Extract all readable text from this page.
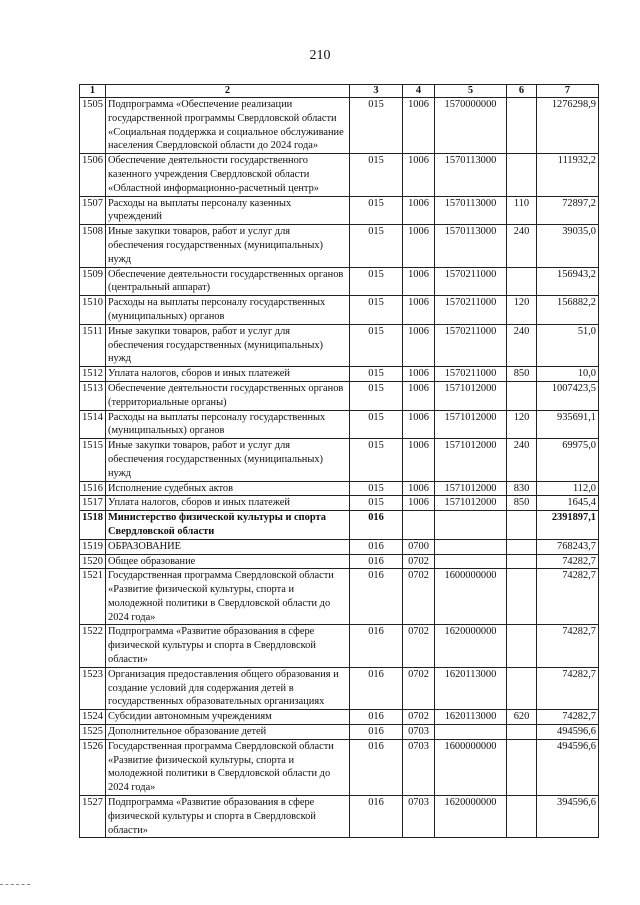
210
1	2	3	4	5	6	7
1505	Подпрограмма «Обеспечение реализации государственной программы Свердловской области «Социальная поддержка и социальное обслуживание населения Свердловской области до 2024 года»	015	1006	1570000000		1276298,9
1506	Обеспечение деятельности государственного казенного учреждения Свердловской области «Областной информационно-расчетный центр»	015	1006	1570113000		111932,2
1507	Расходы на выплаты персоналу казенных учреждений	015	1006	1570113000	110	72897,2
1508	Иные закупки товаров, работ и услуг для обеспечения государственных (муниципальных) нужд	015	1006	1570113000	240	39035,0
1509	Обеспечение деятельности государственных органов (центральный аппарат)	015	1006	1570211000		156943,2
1510	Расходы на выплаты персоналу государственных (муниципальных) органов	015	1006	1570211000	120	156882,2
1511	Иные закупки товаров, работ и услуг для обеспечения государственных (муниципальных) нужд	015	1006	1570211000	240	51,0
1512	Уплата налогов, сборов и иных платежей	015	1006	1570211000	850	10,0
1513	Обеспечение деятельности государственных органов (территориальные органы)	015	1006	1571012000		1007423,5
1514	Расходы на выплаты персоналу государственных (муниципальных) органов	015	1006	1571012000	120	935691,1
1515	Иные закупки товаров, работ и услуг для обеспечения государственных (муниципальных) нужд	015	1006	1571012000	240	69975,0
1516	Исполнение судебных актов	015	1006	1571012000	830	112,0
1517	Уплата налогов, сборов и иных платежей	015	1006	1571012000	850	1645,4
1518	Министерство физической культуры и спорта Свердловской области	016				2391897,1
1519	ОБРАЗОВАНИЕ	016	0700			768243,7
1520	Общее образование	016	0702			74282,7
1521	Государственная программа Свердловской области «Развитие физической культуры, спорта и молодежной политики в Свердловской области до 2024 года»	016	0702	1600000000		74282,7
1522	Подпрограмма «Развитие образования в сфере физической культуры и спорта в Свердловской области»	016	0702	1620000000		74282,7
1523	Организация предоставления общего образования и создание условий для содержания детей в государственных образовательных организациях	016	0702	1620113000		74282,7
1524	Субсидии автономным учреждениям	016	0702	1620113000	620	74282,7
1525	Дополнительное образование детей	016	0703			494596,6
1526	Государственная программа Свердловской области «Развитие физической культуры, спорта и молодежной политики в Свердловской области до 2024 года»	016	0703	1600000000		494596,6
1527	Подпрограмма «Развитие образования в сфере физической культуры и спорта в Свердловской области»	016	0703	1620000000		394596,6
